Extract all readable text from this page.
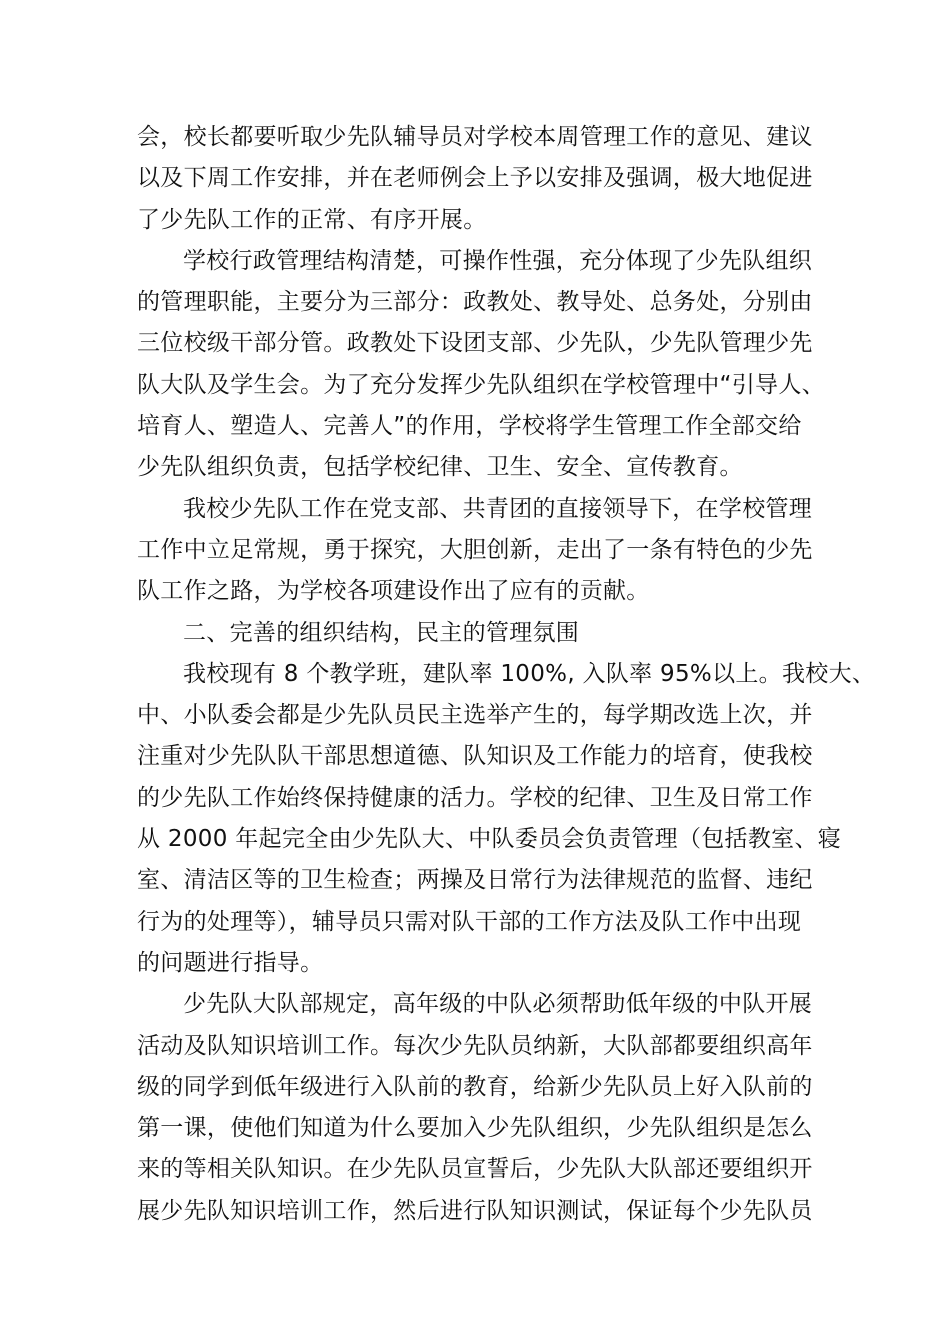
会，校长都要听取少先队辅导员对学校本周管理工作的意见、建议
以及下周工作安排，并在老师例会上予以安排及强调，极大地促进
了少先队工作的正常、有序开展。

学校行政管理结构清楚，可操作性强，充分体现了少先队组织
的管理职能，主要分为三部分：政教处、教导处、总务处，分别由
三位校级干部分管。政教处下设团支部、少先队，少先队管理少先
队大队及学生会。为了充分发挥少先队组织在学校管理中“引导人、
培育人、塑造人、完善人”的作用，学校将学生管理工作全部交给
少先队组织负责，包括学校纪律、卫生、安全、宣传教育。

我校少先队工作在党支部、共青团的直接领导下，在学校管理
工作中立足常规，勇于探究，大胆创新，走出了一条有特色的少先
队工作之路，为学校各项建设作出了应有的贡献。

二、完善的组织结构，民主的管理氛围

我校现有 8 个教学班，建队率 100%, 入队率 95%以上。我校大、
中、小队委会都是少先队员民主选举产生的，每学期改选上次，并
注重对少先队队干部思想道德、队知识及工作能力的培育，使我校
的少先队工作始终保持健康的活力。学校的纪律、卫生及日常工作
从 2000 年起完全由少先队大、中队委员会负责管理（包括教室、寝
室、清洁区等的卫生检查；两操及日常行为法律规范的监督、违纪
行为的处理等），辅导员只需对队干部的工作方法及队工作中出现
的问题进行指导。

少先队大队部规定，高年级的中队必须帮助低年级的中队开展
活动及队知识培训工作。每次少先队员纳新，大队部都要组织高年
级的同学到低年级进行入队前的教育，给新少先队员上好入队前的
第一课，使他们知道为什么要加入少先队组织，少先队组织是怎么
来的等相关队知识。在少先队员宣誓后，少先队大队部还要组织开
展少先队知识培训工作，然后进行队知识测试，保证每个少先队员
